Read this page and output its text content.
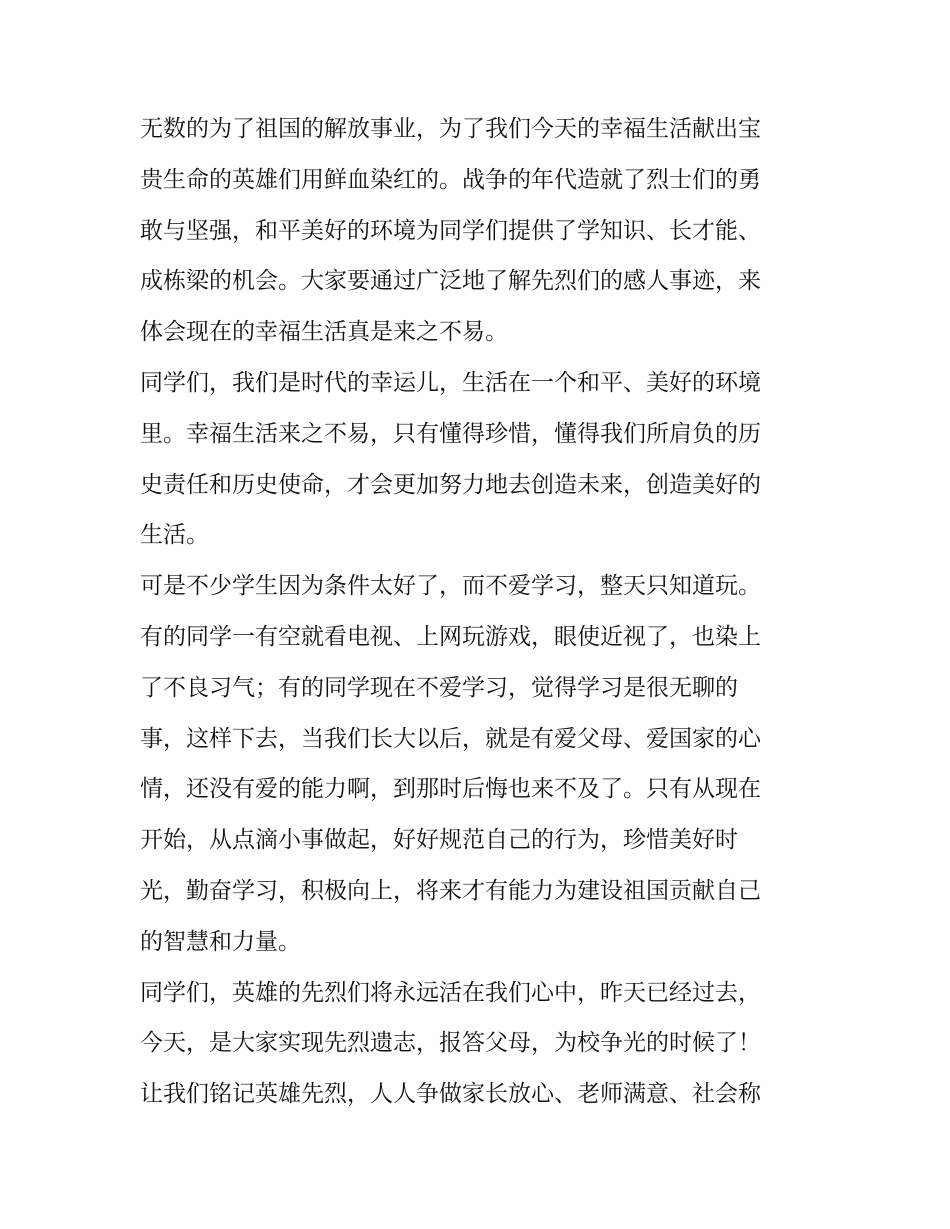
无数的为了祖国的解放事业，为了我们今天的幸福生活献出宝
贵生命的英雄们用鲜血染红的。战争的年代造就了烈士们的勇
敢与坚强，和平美好的环境为同学们提供了学知识、长才能、
成栋梁的机会。大家要通过广泛地了解先烈们的感人事迹，来
体会现在的幸福生活真是来之不易。
同学们，我们是时代的幸运儿，生活在一个和平、美好的环境
里。幸福生活来之不易，只有懂得珍惜，懂得我们所肩负的历
史责任和历史使命，才会更加努力地去创造未来，创造美好的
生活。
可是不少学生因为条件太好了，而不爱学习，整天只知道玩。
有的同学一有空就看电视、上网玩游戏，眼使近视了，也染上
了不良习气；有的同学现在不爱学习，觉得学习是很无聊的
事，这样下去，当我们长大以后，就是有爱父母、爱国家的心
情，还没有爱的能力啊，到那时后悔也来不及了。只有从现在
开始，从点滴小事做起，好好规范自己的行为，珍惜美好时
光，勤奋学习，积极向上，将来才有能力为建设祖国贡献自己
的智慧和力量。
同学们，英雄的先烈们将永远活在我们心中，昨天已经过去，
今天，是大家实现先烈遗志，报答父母，为校争光的时候了！
让我们铭记英雄先烈，人人争做家长放心、老师满意、社会称
